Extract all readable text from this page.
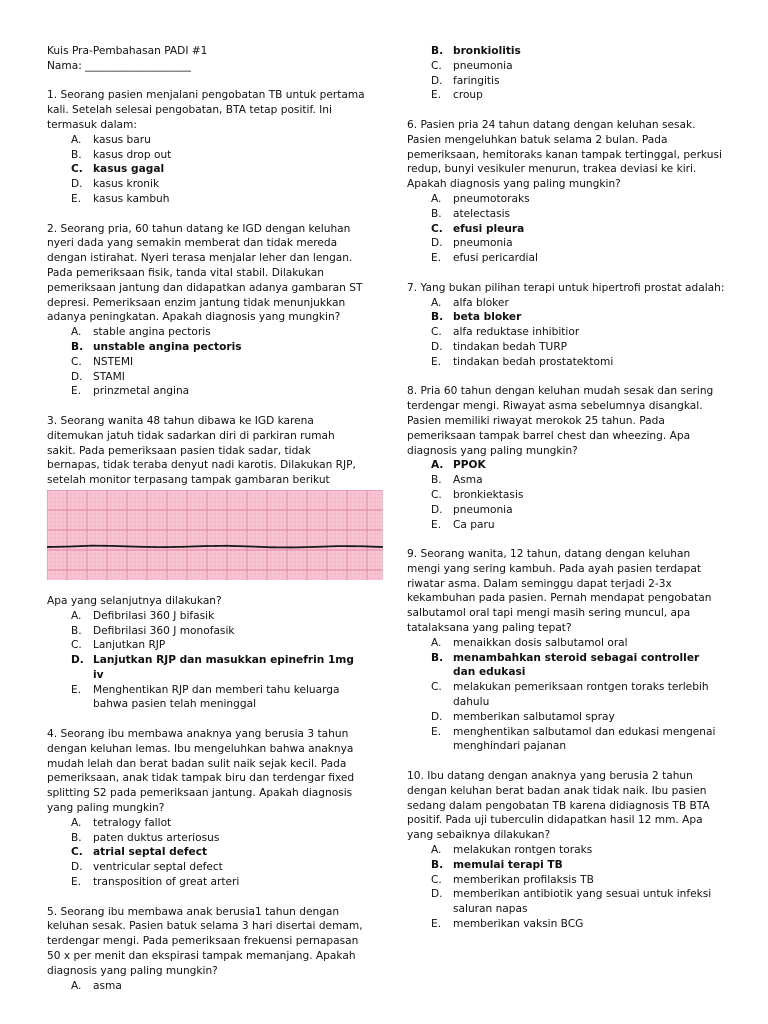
Kuis Pra-Pembahasan PADI #1
Nama: ____________________
1. Seorang pasien menjalani pengobatan TB untuk pertama kali. Setelah selesai pengobatan, BTA tetap positif. Ini termasuk dalam:
A. kasus baru
B. kasus drop out
C. kasus gagal
D. kasus kronik
E. kasus kambuh
2. Seorang pria, 60 tahun datang ke IGD dengan keluhan nyeri dada yang semakin memberat dan tidak mereda dengan istirahat. Nyeri terasa menjalar leher dan lengan. Pada pemeriksaan fisik, tanda vital stabil. Dilakukan pemeriksaan jantung dan didapatkan adanya gambaran ST depresi. Pemeriksaan enzim jantung tidak menunjukkan adanya peningkatan. Apakah diagnosis yang mungkin?
A. stable angina pectoris
B. unstable angina pectoris
C. NSTEMI
D. STAMI
E. prinzmetal angina
3. Seorang wanita 48 tahun dibawa ke IGD karena ditemukan jatuh tidak sadarkan diri di parkiran rumah sakit. Pada pemeriksaan pasien tidak sadar, tidak bernapas, tidak teraba denyut nadi karotis. Dilakukan RJP, setelah monitor terpasang tampak gambaran berikut
Apa yang selanjutnya dilakukan?
A. Defibrilasi 360 J bifasik
B. Defibrilasi 360 J monofasik
C. Lanjutkan RJP
D. Lanjutkan RJP dan masukkan epinefrin 1mg iv
E. Menghentikan RJP dan memberi tahu keluarga bahwa pasien telah meninggal
4. Seorang ibu membawa anaknya yang berusia 3 tahun dengan keluhan lemas. Ibu mengeluhkan bahwa anaknya mudah lelah dan berat badan sulit naik sejak kecil. Pada pemeriksaan, anak tidak tampak biru dan terdengar fixed splitting S2 pada pemeriksaan jantung. Apakah diagnosis yang paling mungkin?
A. tetralogy fallot
B. paten duktus arteriosus
C. atrial septal defect
D. ventricular septal defect
E. transposition of great arteri
5. Seorang ibu membawa anak berusia1 tahun dengan keluhan sesak. Pasien batuk selama 3 hari disertai demam, terdengar mengi. Pada pemeriksaan frekuensi pernapasan 50 x per menit dan ekspirasi tampak memanjang. Apakah diagnosis yang paling mungkin?
A. asma
B. bronkiolitis
C. pneumonia
D. faringitis
E. croup
6. Pasien pria 24 tahun datang dengan keluhan sesak. Pasien mengeluhkan batuk selama 2 bulan. Pada pemeriksaan, hemitoraks kanan tampak tertinggal, perkusi redup, bunyi vesikuler menurun, trakea deviasi ke kiri. Apakah diagnosis yang paling mungkin?
A. pneumotoraks
B. atelectasis
C. efusi pleura
D. pneumonia
E. efusi pericardial
7. Yang bukan pilihan terapi untuk hipertrofi prostat adalah:
A. alfa bloker
B. beta bloker
C. alfa reduktase inhibitior
D. tindakan bedah TURP
E. tindakan bedah prostatektomi
8. Pria 60 tahun dengan keluhan mudah sesak dan sering terdengar mengi. Riwayat asma sebelumnya disangkal. Pasien memiliki riwayat merokok 25 tahun. Pada pemeriksaan tampak barrel chest dan wheezing. Apa diagnosis yang paling mungkin?
A. PPOK
B. Asma
C. bronkiektasis
D. pneumonia
E. Ca paru
9. Seorang wanita, 12 tahun, datang dengan keluhan mengi yang sering kambuh. Pada ayah pasien terdapat riwatar asma. Dalam seminggu dapat terjadi 2-3x kekambuhan pada pasien. Pernah mendapat pengobatan salbutamol oral tapi mengi masih sering muncul, apa tatalaksana yang paling tepat?
A. menaikkan dosis salbutamol oral
B. menambahkan steroid sebagai controller dan edukasi
C. melakukan pemeriksaan rontgen toraks terlebih dahulu
D. memberikan salbutamol spray
E. menghentikan salbutamol dan edukasi mengenai menghindari pajanan
10. Ibu datang dengan anaknya yang berusia 2 tahun dengan keluhan berat badan anak tidak naik. Ibu pasien sedang dalam pengobatan TB karena didiagnosis TB BTA positif. Pada uji tuberculin didapatkan hasil 12 mm. Apa yang sebaiknya dilakukan?
A. melakukan rontgen toraks
B. memulai terapi TB
C. memberikan profilaksis TB
D. memberikan antibiotik yang sesuai untuk infeksi saluran napas
E. memberikan vaksin BCG
